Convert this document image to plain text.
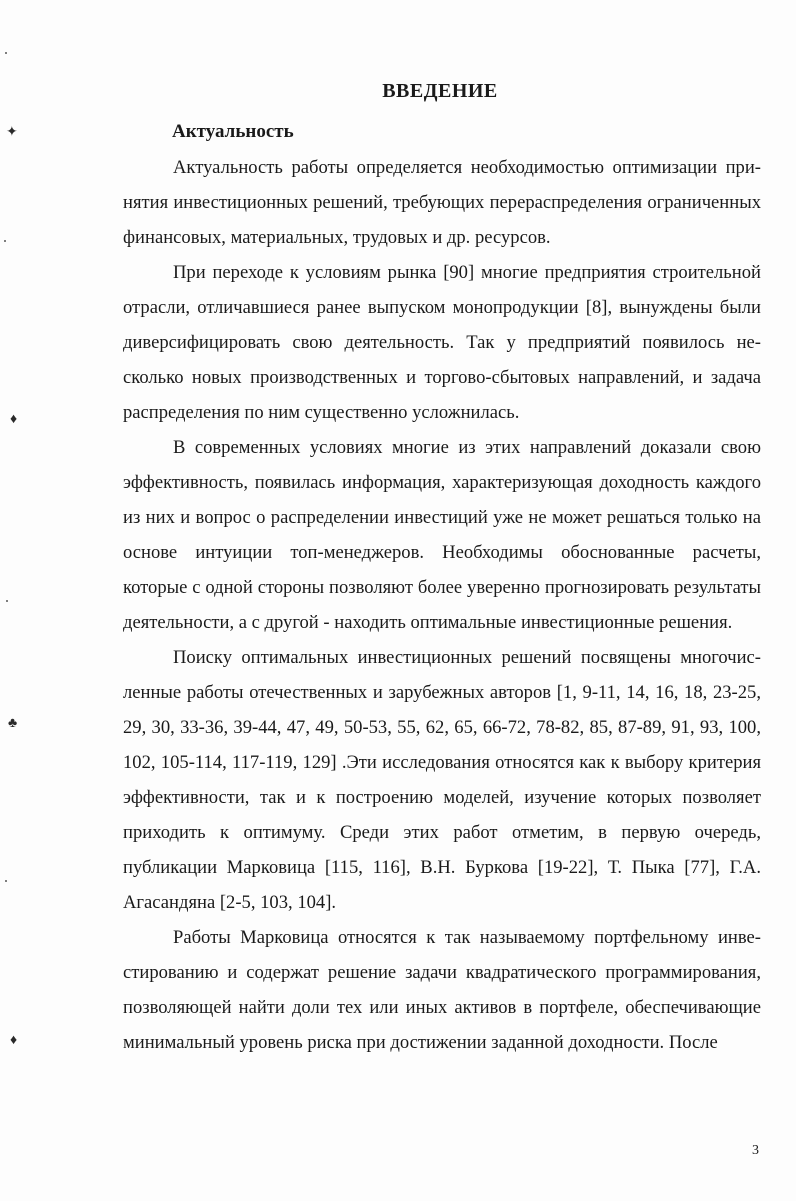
ВВЕДЕНИЕ
Актуальность

Актуальность работы определяется необходимостью оптимизации принятия инвестиционных решений, требующих перераспределения ограниченных финансовых, материальных, трудовых и др. ресурсов.

При переходе к условиям рынка [90] многие предприятия строительной отрасли, отличавшиеся ранее выпуском монопродукции [8], вынуждены были диверсифицировать свою деятельность. Так у предприятий появилось несколько новых производственных и торгово-сбытовых направлений, и задача распределения по ним существенно усложнилась.

В современных условиях многие из этих направлений доказали свою эффективность, появилась информация, характеризующая доходность каждого из них и вопрос о распределении инвестиций уже не может решаться только на основе интуиции топ-менеджеров. Необходимы обоснованные расчеты, которые с одной стороны позволяют более уверенно прогнозировать результаты деятельности, а с другой - находить оптимальные инвестиционные решения.

Поиску оптимальных инвестиционных решений посвящены многочисленные работы отечественных и зарубежных авторов [1, 9-11, 14, 16, 18, 23-25, 29, 30, 33-36, 39-44, 47, 49, 50-53, 55, 62, 65, 66-72, 78-82, 85, 87-89, 91, 93, 100, 102, 105-114, 117-119, 129] .Эти исследования относятся как к выбору критерия эффективности, так и к построению моделей, изучение которых позволяет приходить к оптимуму. Среди этих работ отметим, в первую очередь, публикации Марковица [115, 116], В.Н. Буркова [19-22], Т. Пыка [77], Г.А. Агасандяна [2-5, 103, 104].

Работы Марковица относятся к так называемому портфельному инвестированию и содержат решение задачи квадратического программирования, позволяющей найти доли тех или иных активов в портфеле, обеспечивающие минимальный уровень риска при достижении заданной доходности. После

3
✦
♦
♣
♦
